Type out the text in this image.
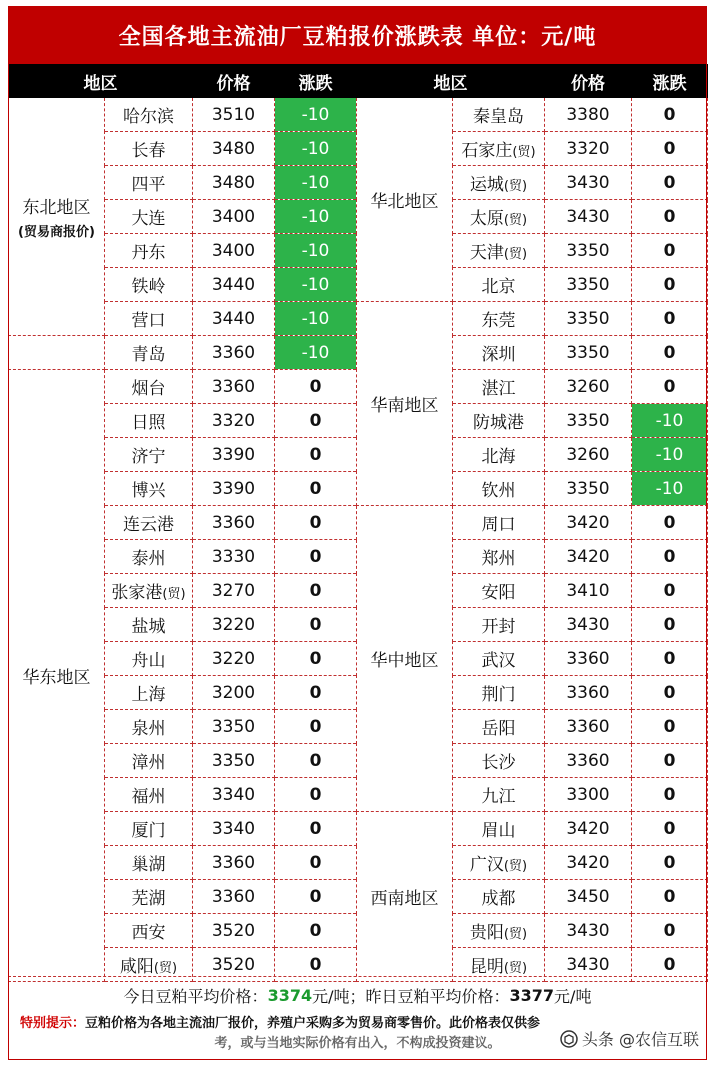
全国各地主流油厂豆粕报价涨跌表 单位：元/吨
地区		价格	涨跌	地区		价格	涨跌
东北地区
(贸易商报价)	哈尔滨	3510	-10	华北地区	秦皇岛	3380	0
	长春	3480	-10		石家庄(贸)	3320	0
	四平	3480	-10		运城(贸)	3430	0
	大连	3400	-10		太原(贸)	3430	0
	丹东	3400	-10		天津(贸)	3350	0
	铁岭	3440	-10		北京	3350	0
	营口	3440	-10	华南地区	东莞	3350	0
	青岛	3360	-10		深圳	3350	0
华东地区	烟台	3360	0		湛江	3260	0
	日照	3320	0		防城港	3350	-10
	济宁	3390	0		北海	3260	-10
	博兴	3390	0		钦州	3350	-10
	连云港	3360	0	华中地区	周口	3420	0
	泰州	3330	0		郑州	3420	0
	张家港(贸)	3270	0		安阳	3410	0
	盐城	3220	0		开封	3430	0
	舟山	3220	0		武汉	3360	0
	上海	3200	0		荆门	3360	0
	泉州	3350	0		岳阳	3360	0
	漳州	3350	0		长沙	3360	0
	福州	3340	0		九江	3300	0
	厦门	3340	0	西南地区	眉山	3420	0
	巢湖	3360	0		广汉(贸)	3420	0
	芜湖	3360	0		成都	3450	0
	西安	3520	0		贵阳(贸)	3430	0
	咸阳(贸)	3520	0		昆明(贸)	3430	0
今日豆粕平均价格： 3374 元/吨； 昨日豆粕平均价格： 3377 元/吨
特别提示：豆粕价格为各地主流油厂报价，养殖户采购多为贸易商零售价。此价格表仅供参
考，或与当地实际价格有出入，不构成投资建议。	头条 @农信互联
